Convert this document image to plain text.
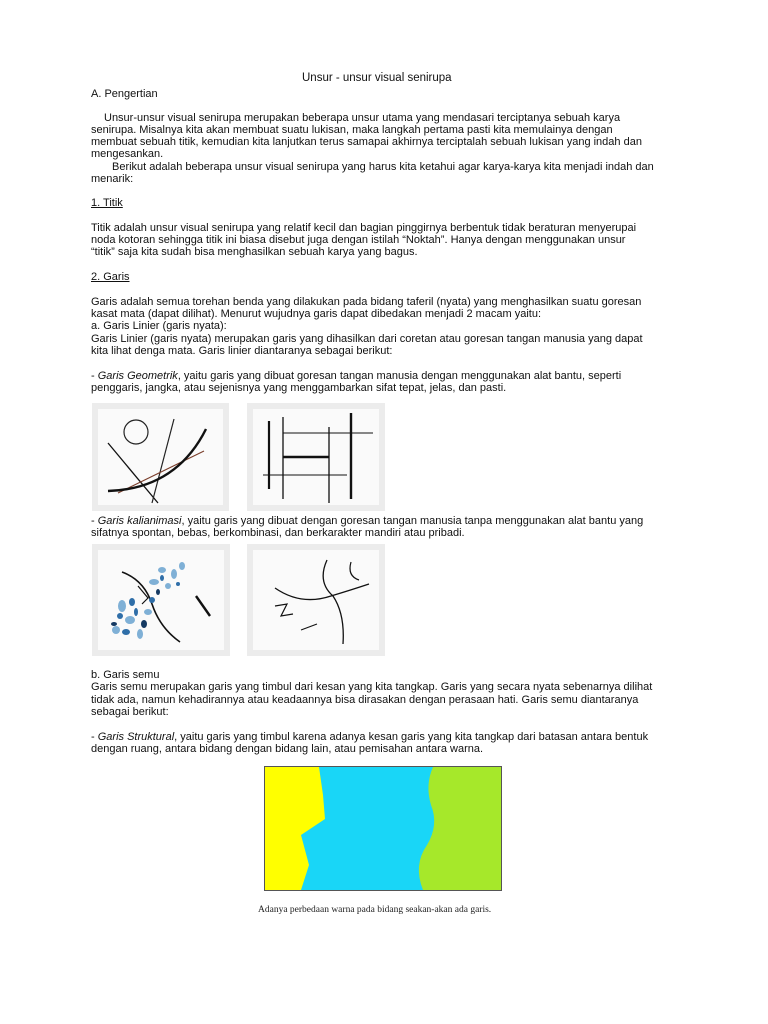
Unsur - unsur visual senirupa
A. Pengertian
Unsur-unsur visual senirupa merupakan beberapa unsur utama yang mendasari terciptanya sebuah karya
senirupa. Misalnya kita akan membuat suatu lukisan, maka langkah pertama pasti kita memulainya dengan
membuat sebuah titik, kemudian kita lanjutkan terus samapai akhirnya terciptalah sebuah lukisan yang indah dan
mengesankan.
Berikut adalah beberapa unsur visual senirupa yang harus kita ketahui agar karya-karya kita menjadi indah dan
menarik:
1. Titik
Titik adalah unsur visual senirupa yang relatif kecil dan bagian pinggirnya berbentuk tidak beraturan menyerupai
noda kotoran sehingga titik ini biasa disebut juga dengan istilah “Noktah”. Hanya dengan menggunakan unsur
“titik” saja kita sudah bisa menghasilkan sebuah karya yang bagus.
2. Garis
Garis adalah semua torehan benda yang dilakukan pada bidang taferil (nyata) yang menghasilkan suatu goresan
kasat mata (dapat dilihat). Menurut wujudnya garis dapat dibedakan menjadi 2 macam yaitu:
a. Garis Linier (garis nyata):
Garis Linier (garis nyata) merupakan garis yang dihasilkan dari coretan atau goresan tangan manusia yang dapat
kita lihat denga mata. Garis linier diantaranya sebagai berikut:
- Garis Geometrik, yaitu garis yang dibuat goresan tangan manusia dengan menggunakan alat bantu, seperti
penggaris, jangka, atau sejenisnya yang menggambarkan sifat tepat, jelas, dan pasti.
- Garis kalianimasi, yaitu garis yang dibuat dengan goresan tangan manusia tanpa menggunakan alat bantu yang
sifatnya spontan, bebas, berkombinasi, dan berkarakter mandiri atau pribadi.
b. Garis semu
Garis semu merupakan garis yang timbul dari kesan yang kita tangkap. Garis yang secara nyata sebenarnya dilihat
tidak ada, namun kehadirannya atau keadaannya bisa dirasakan dengan perasaan hati. Garis semu diantaranya
sebagai berikut:
- Garis Struktural, yaitu garis yang timbul karena adanya kesan garis yang kita tangkap dari batasan antara bentuk
dengan ruang, antara bidang dengan bidang lain, atau pemisahan antara warna.
Adanya perbedaan warna pada bidang seakan-akan ada garis.
